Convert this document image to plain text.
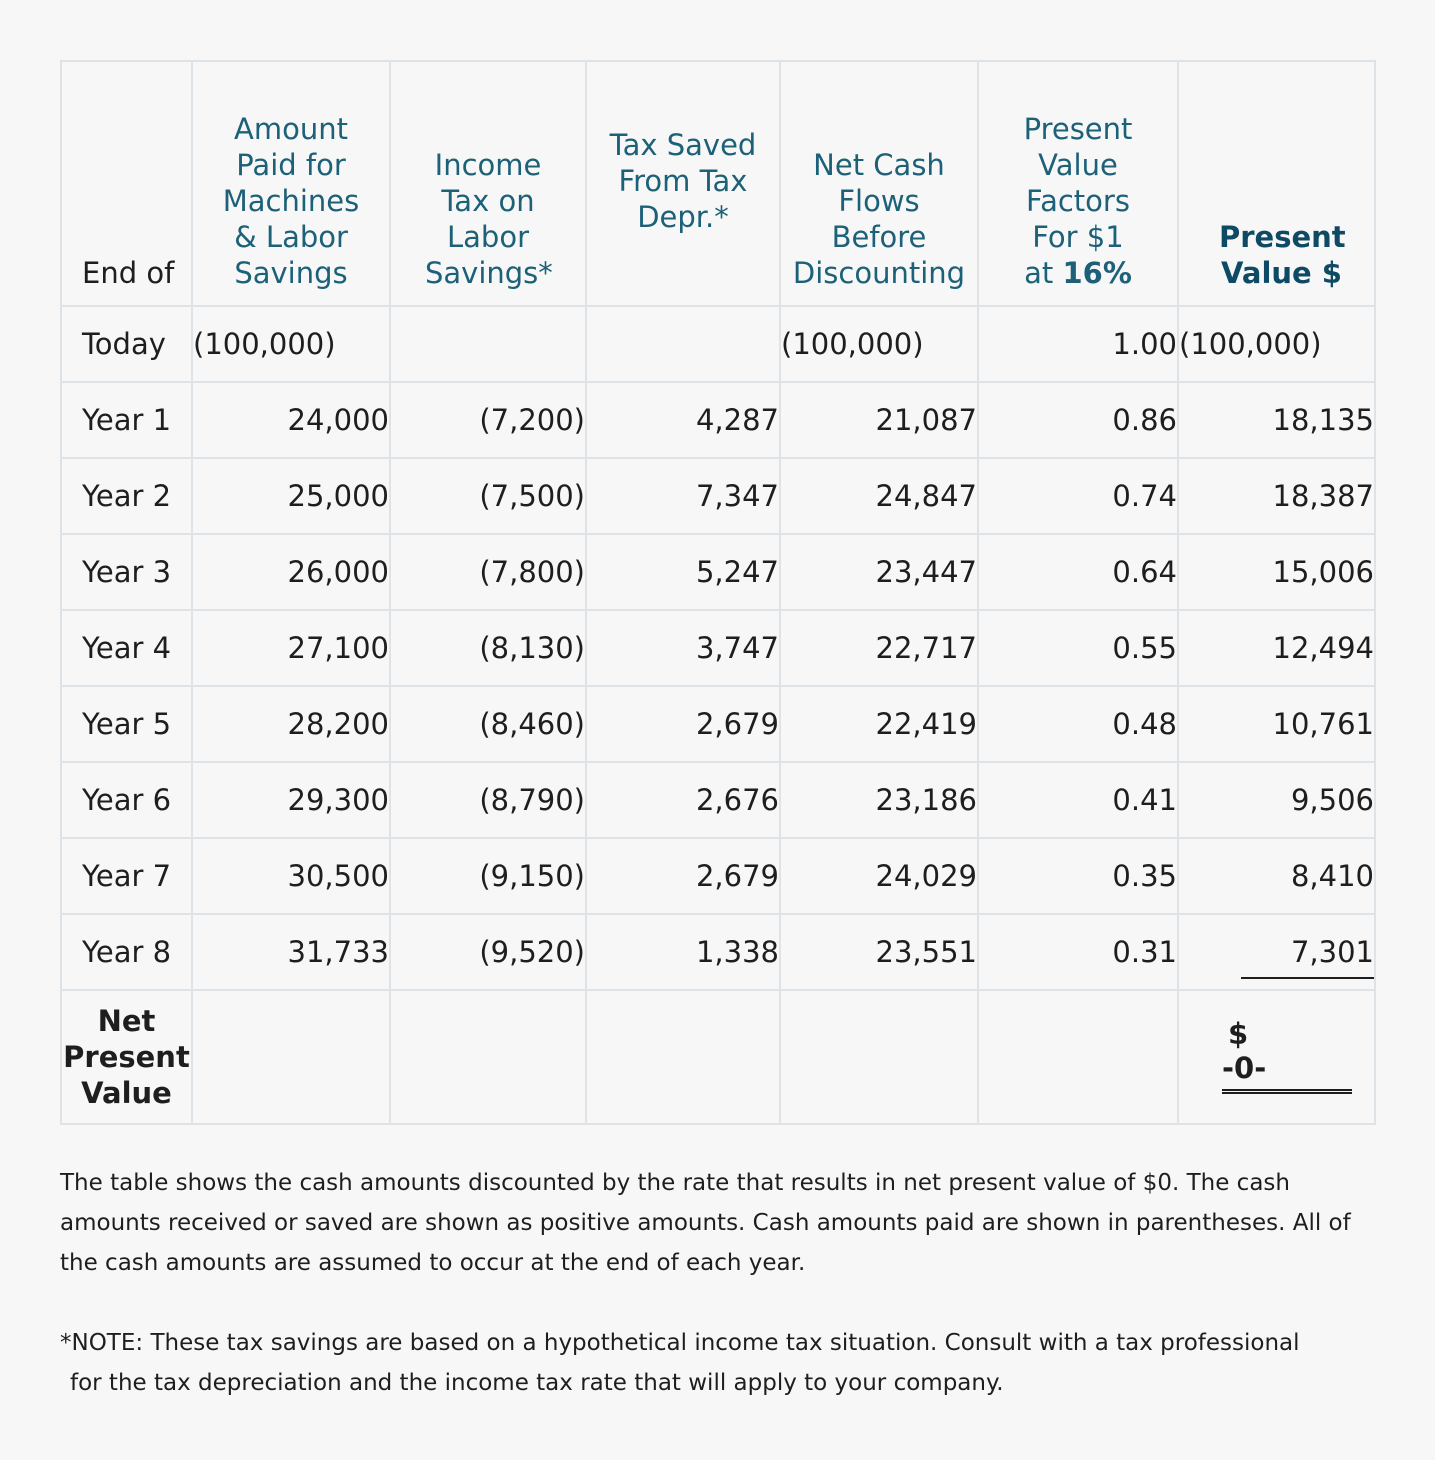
End of	Amount Paid for Machines & Labor Savings	Income Tax on Labor Savings*	Tax Saved From Tax Depr.*	Net Cash Flows Before Discounting	Present Value Factors For $1 at 16%	Present Value $
Today	(100,000)			(100,000)	1.00	(100,000)
Year 1	24,000	(7,200)	4,287	21,087	0.86	18,135
Year 2	25,000	(7,500)	7,347	24,847	0.74	18,387
Year 3	26,000	(7,800)	5,247	23,447	0.64	15,006
Year 4	27,100	(8,130)	3,747	22,717	0.55	12,494
Year 5	28,200	(8,460)	2,679	22,419	0.48	10,761
Year 6	29,300	(8,790)	2,676	23,186	0.41	9,506
Year 7	30,500	(9,150)	2,679	24,029	0.35	8,410
Year 8	31,733	(9,520)	1,338	23,551	0.31	7,301
Net Present Value						$-0-

The table shows the cash amounts discounted by the rate that results in net present value of $0. The cash amounts received or saved are shown as positive amounts. Cash amounts paid are shown in parentheses. All of the cash amounts are assumed to occur at the end of each year.

*NOTE: These tax savings are based on a hypothetical income tax situation. Consult with a tax professional

for the tax depreciation and the income tax rate that will apply to your company.
